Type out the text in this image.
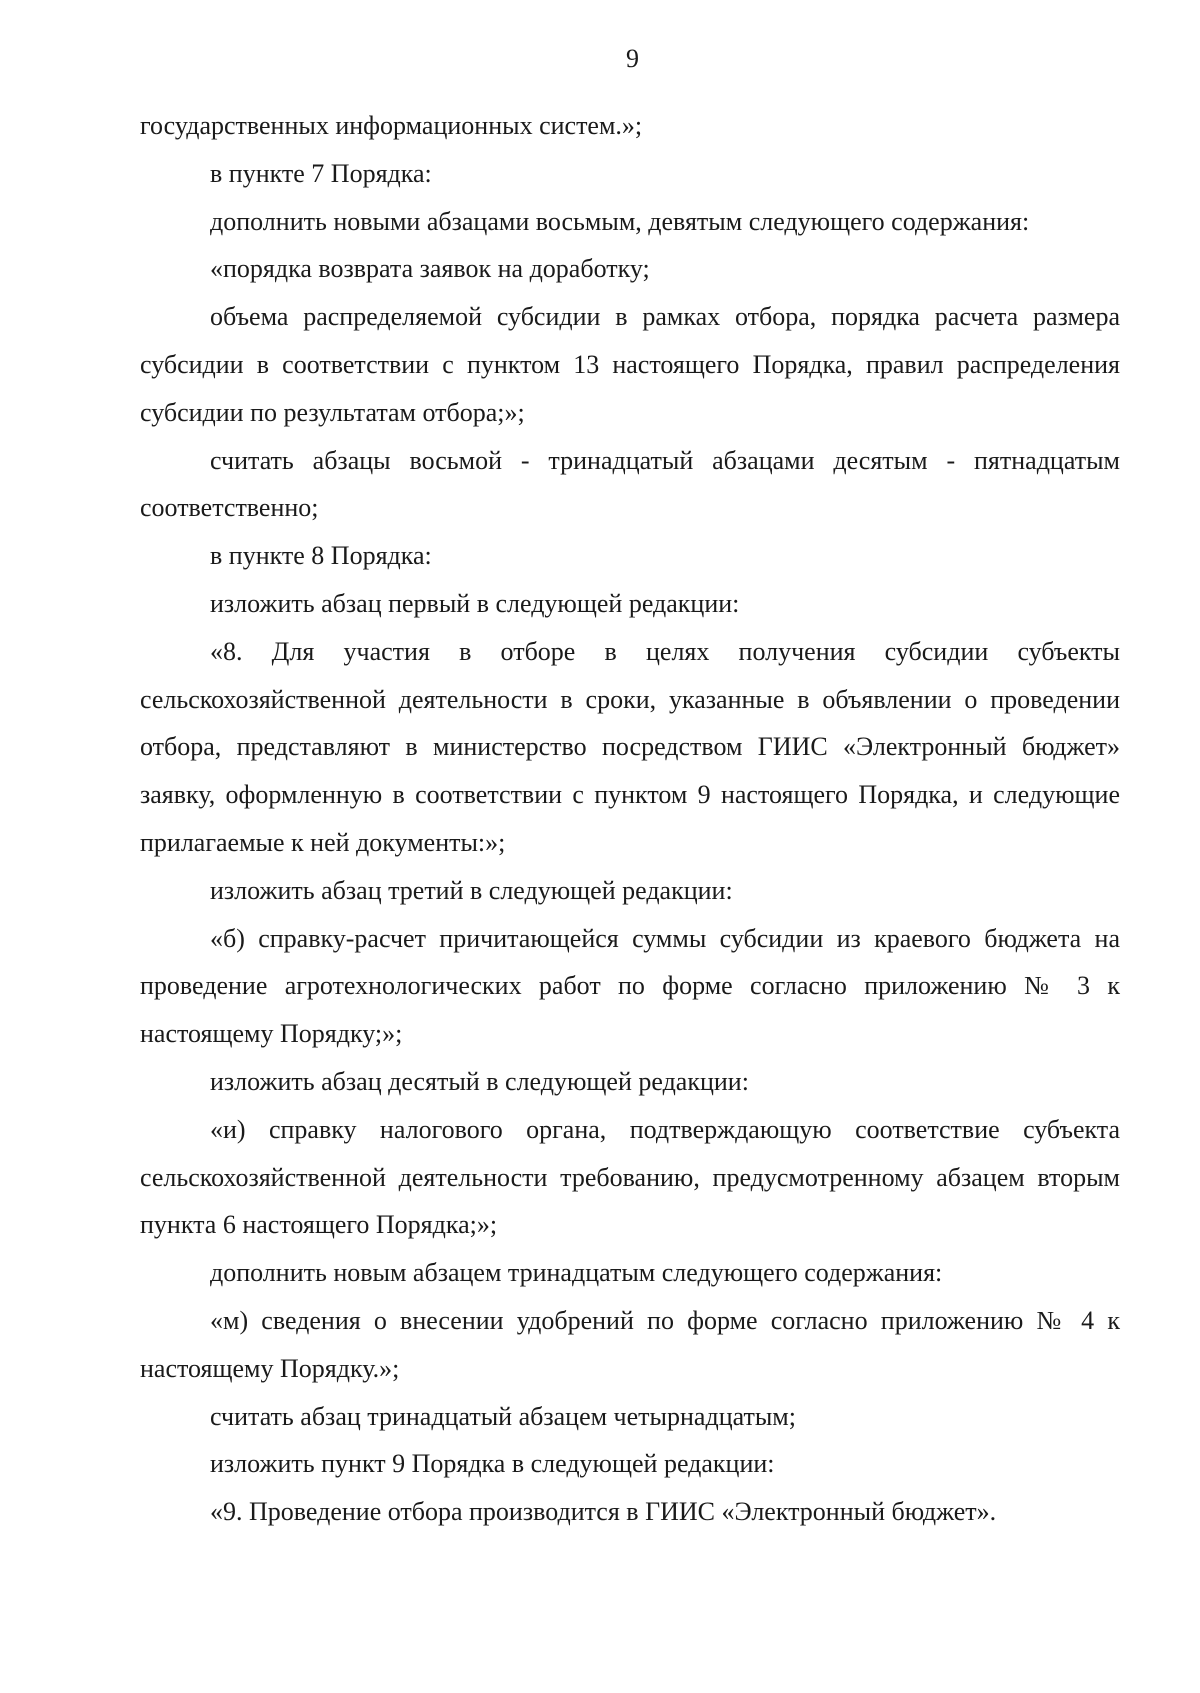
9

государственных информационных систем.»;

в пункте 7 Порядка:

дополнить новыми абзацами восьмым, девятым следующего содержания:

«порядка возврата заявок на доработку;

объема распределяемой субсидии в рамках отбора, порядка расчета размера субсидии в соответствии с пунктом 13 настоящего Порядка, правил распределения субсидии по результатам отбора;»;

считать абзацы восьмой - тринадцатый абзацами десятым - пятнадцатым соответственно;

в пункте 8 Порядка:

изложить абзац первый в следующей редакции:

«8. Для участия в отборе в целях получения субсидии субъекты сельскохозяйственной деятельности в сроки, указанные в объявлении о проведении отбора, представляют в министерство посредством ГИИС «Электронный бюджет» заявку, оформленную в соответствии с пунктом 9 настоящего Порядка, и следующие прилагаемые к ней документы:»;

изложить абзац третий в следующей редакции:

«б) справку-расчет причитающейся суммы субсидии из краевого бюджета на проведение агротехнологических работ по форме согласно приложению № 3 к настоящему Порядку;»;

изложить абзац десятый в следующей редакции:

«и) справку налогового органа, подтверждающую соответствие субъекта сельскохозяйственной деятельности требованию, предусмотренному абзацем вторым пункта 6 настоящего Порядка;»;

дополнить новым абзацем тринадцатым следующего содержания:

«м) сведения о внесении удобрений по форме согласно приложению № 4 к настоящему Порядку.»;

считать абзац тринадцатый абзацем четырнадцатым;

изложить пункт 9 Порядка в следующей редакции:

«9. Проведение отбора производится в ГИИС «Электронный бюджет».
